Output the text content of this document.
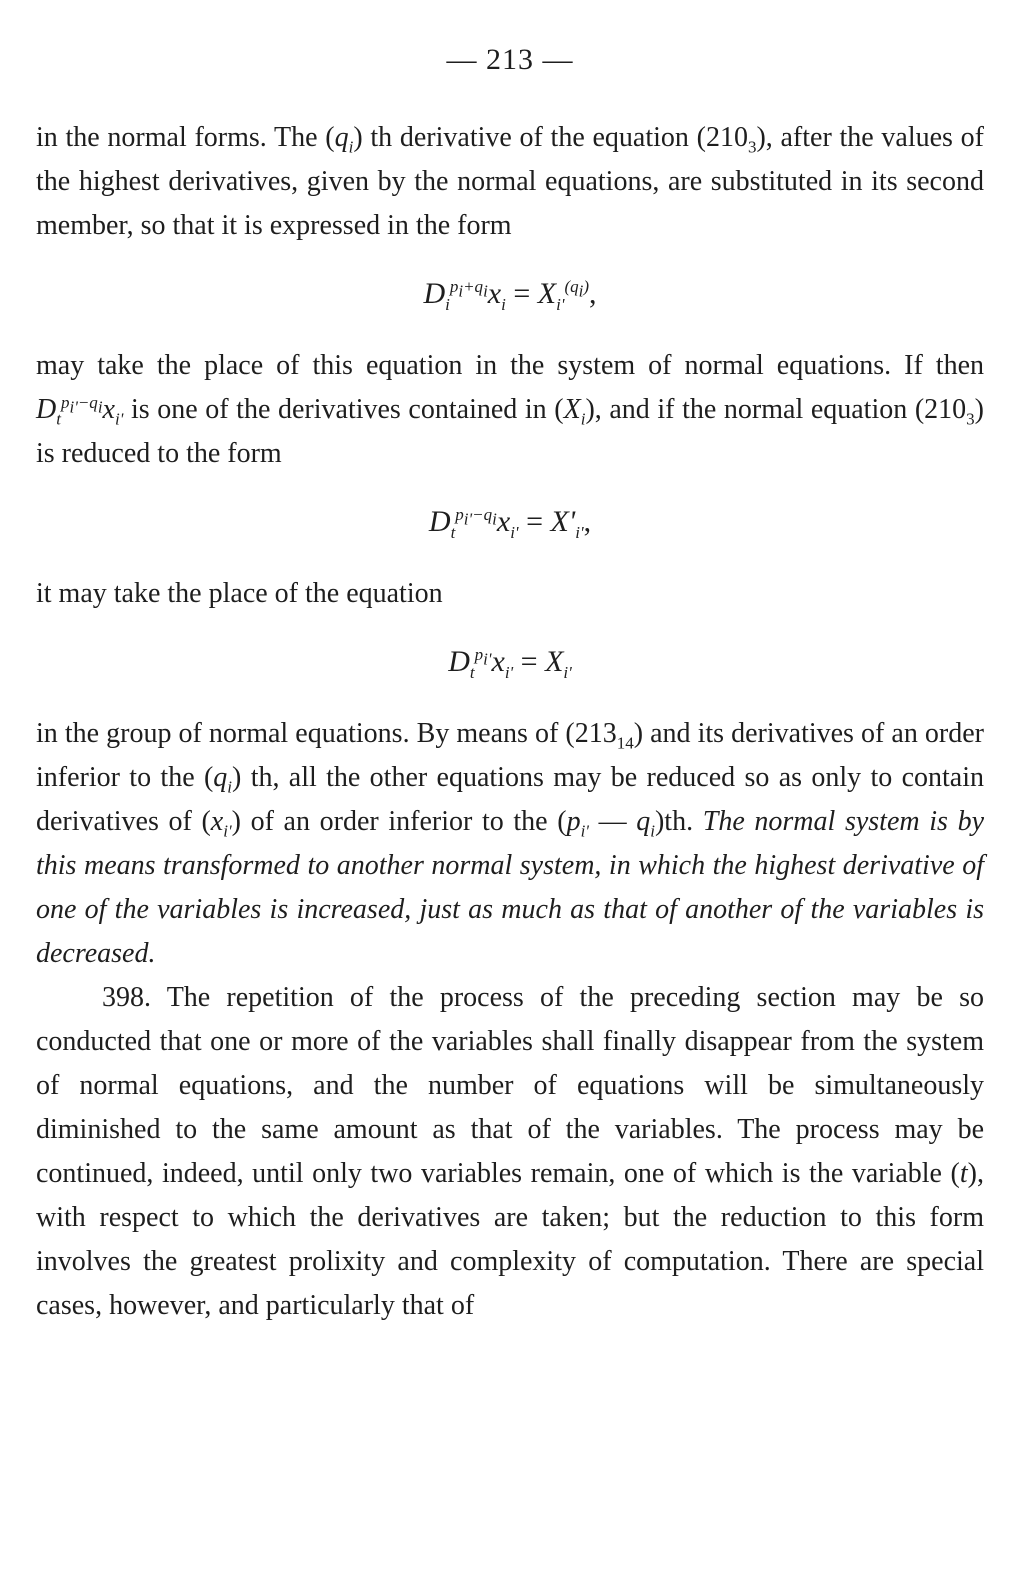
— 213 —

in the normal forms. The $(q_i)$ th derivative of the equation $(210_3)$, after the values of the highest derivatives, given by the normal equations, are substituted in its second member, so that it is expressed in the form

$D_i^{p_i+q_i}x_i = X_{i'}^{(q_i)}$,

may take the place of this equation in the system of normal equations. If then $D_t^{p_{i'}-q_i}x_{i'}$ is one of the derivatives contained in $(X_i)$, and if the normal equation $(210_3)$ is reduced to the form

$D_t^{p_{i'}-q_i}x_{i'} = X'_{i'}$,

it may take the place of the equation

$D_t^{p_{i'}}x_{i'} = X_{i'}$

in the group of normal equations. By means of $(213_{14})$ and its derivatives of an order inferior to the $(q_i)$ th, all the other equations may be reduced so as only to contain derivatives of $(x_{i'})$ of an order inferior to the ($p_{i'}$ — $q_i)th$. The normal system is by this means transformed to another normal system, in which the highest derivative of one of the variables is increased, just as much as that of another of the variables is decreased.

398. The repetition of the process of the preceding section may be so conducted that one or more of the variables shall finally disappear from the system of normal equations, and the number of equations will be simultaneously diminished to the same amount as that of the variables. The process may be continued, indeed, until only two variables remain, one of which is the variable (t), with respect to which the derivatives are taken; but the reduction to this form involves the greatest prolixity and complexity of computation. There are special cases, however, and particularly that of
